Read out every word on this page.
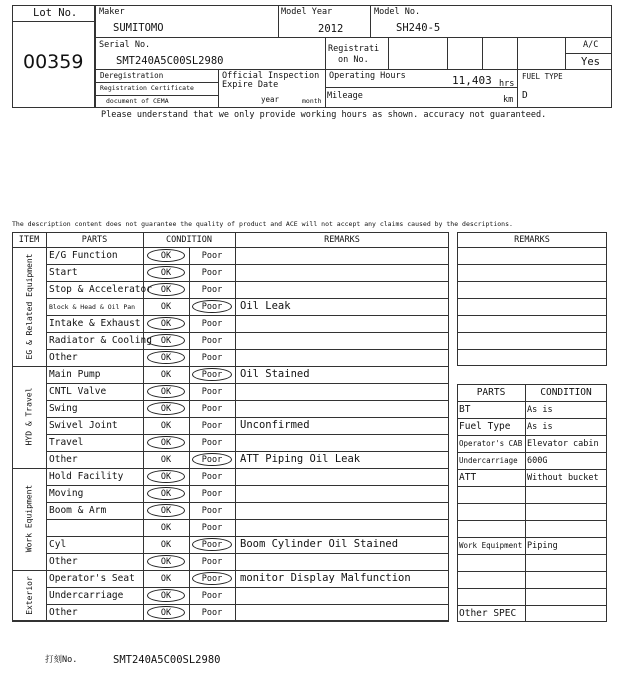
Lot No.
00359
Maker
SUMITOMO
Model Year
2012
Model No.
SH240-5
Serial No.
SMT240A5C00SL2980
Registrati
on No.
A/C
Yes
Deregistration
Registration Certificate
document of CEMA
Official Inspection
Expire Date
year	month
Operating Hours	11,403 hrs
Mileage	km
FUEL TYPE
D
Please understand that we only provide working hours as shown. accuracy not guaranteed.
The description content does not guarantee the quality of product and ACE will not accept any claims caused by the descriptions.
ITEM	PARTS	CONDITION	REMARKS
E/G Function	OK	Poor
Start	OK	Poor
Stop & Accelerator	OK	Poor
Block & Head & Oil Pan	OK	Poor	Oil Leak
Intake & Exhaust	OK	Poor
Radiator & Cooling	OK	Poor
Other	OK	Poor
EG & Related Equipment
Main Pump	OK	Poor	Oil Stained
CNTL Valve	OK	Poor
Swing	OK	Poor
Swivel Joint	OK	Poor	Unconfirmed
Travel	OK	Poor
Other	OK	Poor	ATT Piping Oil Leak
HYD & Travel
Hold Facility	OK	Poor
Moving	OK	Poor
Boom & Arm	OK	Poor
OK	Poor
Cyl	OK	Poor	Boom Cylinder Oil Stained
Other	OK	Poor
Work Equipment
Operator's Seat	OK	Poor	monitor Display Malfunction
Undercarriage	OK	Poor
Other	OK	Poor
Exterior
REMARKS
PARTS	CONDITION
BT	As is
Fuel Type As is
Operator's CAB Elevator cabin
Undercarriage 600G
ATT	Without bucket
Work Equipment Piping
Other SPEC
打刻No.	SMT240A5C00SL2980
